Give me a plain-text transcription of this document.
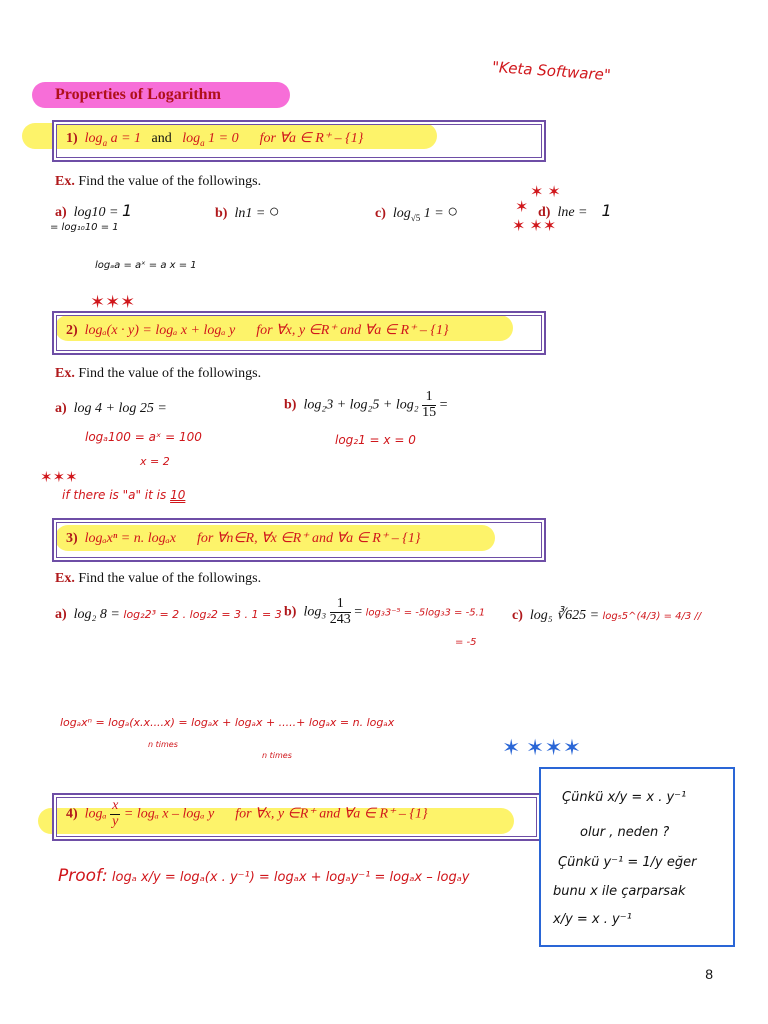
Properties of Logarithm
"Keta Software"
1) $\log_a a = 1$ and $\log_a 1 = 0$ for ∀a ∈ R⁺ – {1}
Ex. Find the value of the followings.
a) log10 = 1	b) ln1 = ○	c) $\log_{√5} 1$ = ○	d) lne = 1
✶ ✶
✶
✶ ✶✶
= log₁₀10 = 1
logₐa = aˣ = a x = 1
✶✶✶
2) logₐ(x · y) = logₐ x + logₐ y for ∀x, y ∈R⁺ and ∀a ∈ R⁺ – {1}
Ex. Find the value of the followings.
a) log 4 + log 25 =	b) $\log_23 + \log_25 + \log_2 \frac{1}{15}$ =
logₐ100 = aˣ = 100
x = 2
log₂1 = x = 0
✶✶✶
if there is "a" it is 10
3) logₐxⁿ = n. logₐx for ∀n∈R, ∀x ∈R⁺ and ∀a ∈ R⁺ – {1}
Ex. Find the value of the followings.
a) log₂ 8 = log₂2³ = 2 . log₂2 = 3 . 1 = 3 b) $\log_3 \frac{1}{243} = \log_33^{-5} = -5\log_33 = -5.1$
= -5
c) log₅ ∛625 = log₅5^(4/3) = 4/3 //
logₐxⁿ = logₐ(x.x....x) = logₐx + logₐx + .....+ logₐx = n. logₐx
n times
n times	✶ ✶✶✶
4) logₐ $\frac{x}{y} = \log_a$ x – logₐ y for ∀x, y ∈R⁺ and ∀a ∈ R⁺ – {1}
Proof: logₐ x/y = logₐ(x . y⁻¹) = logₐx + logₐy⁻¹ = logₐx – logₐy
Çünkü x/y = x . y⁻¹
olur , neden ?
Çünkü y⁻¹ = 1/y eğer
bunu x ile çarparsak
x/y = x . y⁻¹
8
